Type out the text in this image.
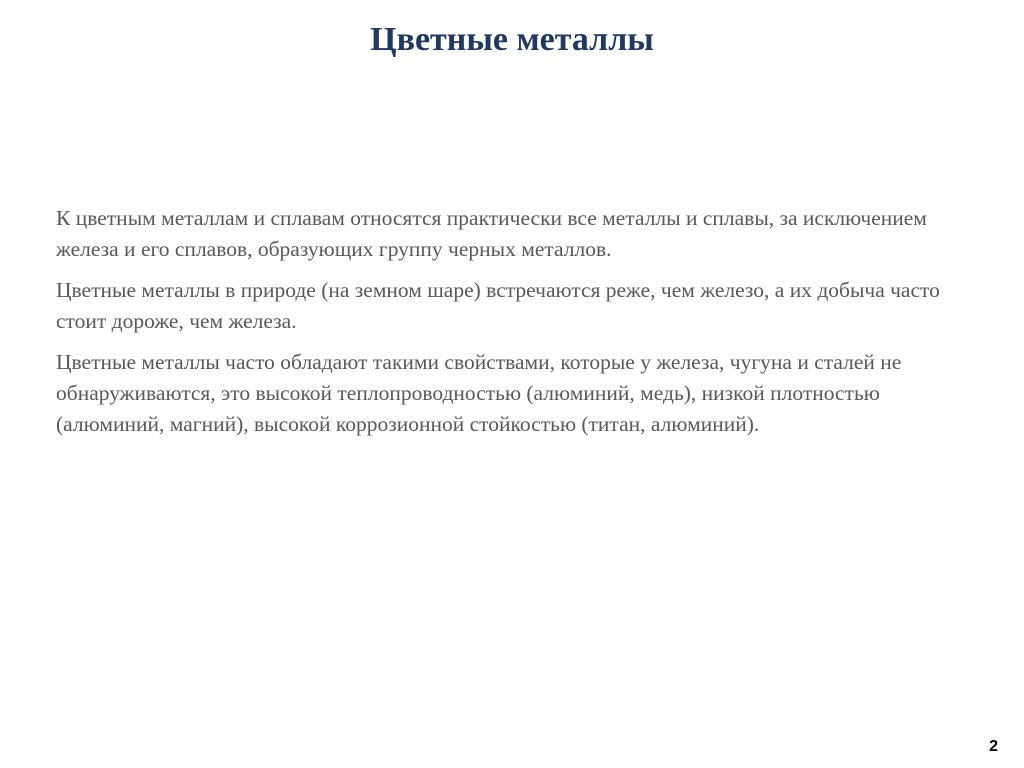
Цветные металлы

К цветным металлам и сплавам относятся практически все металлы и сплавы, за исключением железа и его сплавов, образующих группу черных металлов.

Цветные металлы в природе (на земном шаре) встречаются реже, чем железо, а их добыча часто стоит дороже, чем железа.

Цветные металлы часто обладают такими свойствами, которые у железа, чугуна и сталей не обнаруживаются, это высокой теплопроводностью (алюминий, медь), низкой плотностью (алюминий, магний), высокой коррозионной стойкостью (титан, алюминий).

2
